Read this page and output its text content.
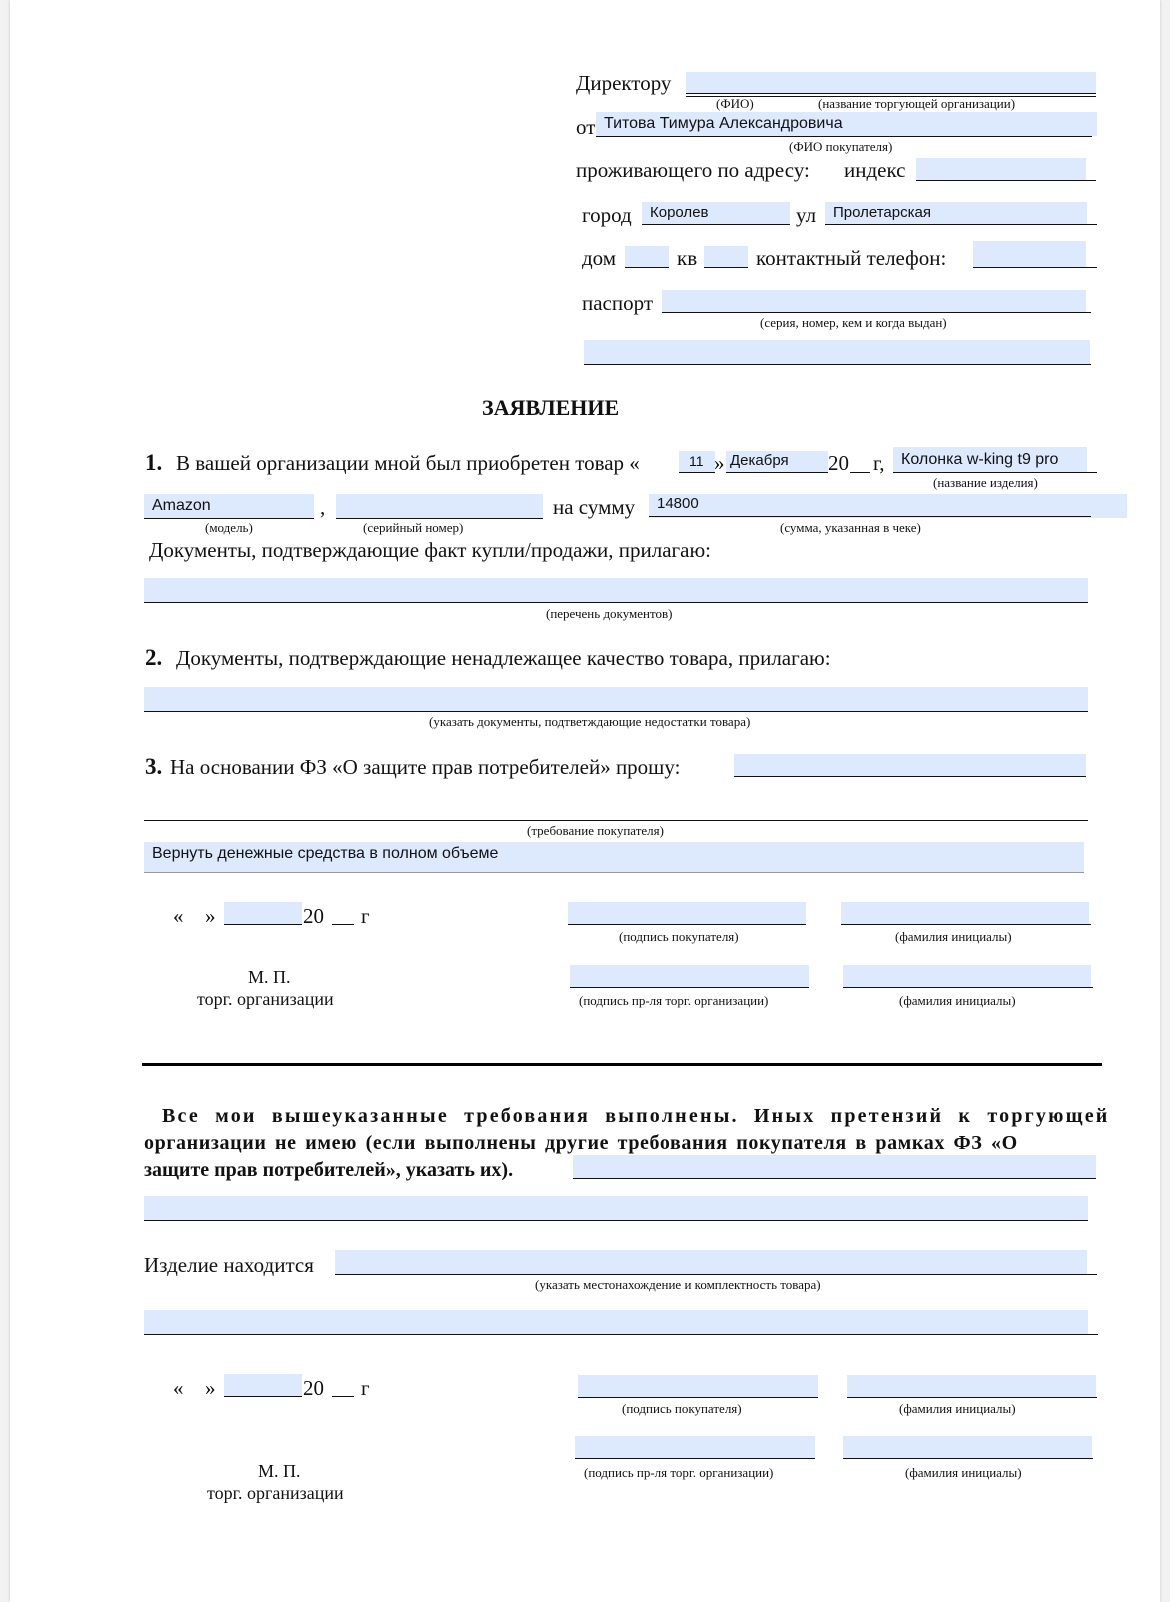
Директору
(ФИО)	(название торгующей организации)
от Титова Тимура Александровича
(ФИО покупателя)
проживающего по адресу: индекс
город Королев	ул Пролетарская
дом	кв	контактный телефон:
паспорт
(серия, номер, кем и когда выдан)
ЗАЯВЛЕНИЕ
1. В вашей организации мной был приобретен товар «	11 » Декабря 20 г, Колонка w-king t9 pro
(название изделия)
Amazon	,	на сумму 14800
(модель)	(серийный номер)	(сумма, указанная в чеке)
Документы, подтверждающие факт купли/продажи, прилагаю:
(перечень документов)
2. Документы, подтверждающие ненадлежащее качество товара, прилагаю:
(указать документы, подтветждающие недостатки товара)
3. На основании ФЗ «О защите прав потребителей» прошу:
(требование покупателя)
Вернуть денежные средства в полном объеме
« »	20 г
(подпись покупателя)	(фамилия инициалы)
М. П.
торг. организации	(подпись пр-ля торг. организации)	(фамилия инициалы)
Все мои вышеуказанные требования выполнены. Иных претензий к торгующей
организации не имею (если выполнены другие требования покупателя в рамках ФЗ «О
защите прав потребителей», указать их).
Изделие находится
(указать местонахождение и комплектность товара)
« »	20 г
(подпись покупателя)	(фамилия инициалы)
М. П.
торг. организации
(подпись пр-ля торг. организации)	(фамилия инициалы)
